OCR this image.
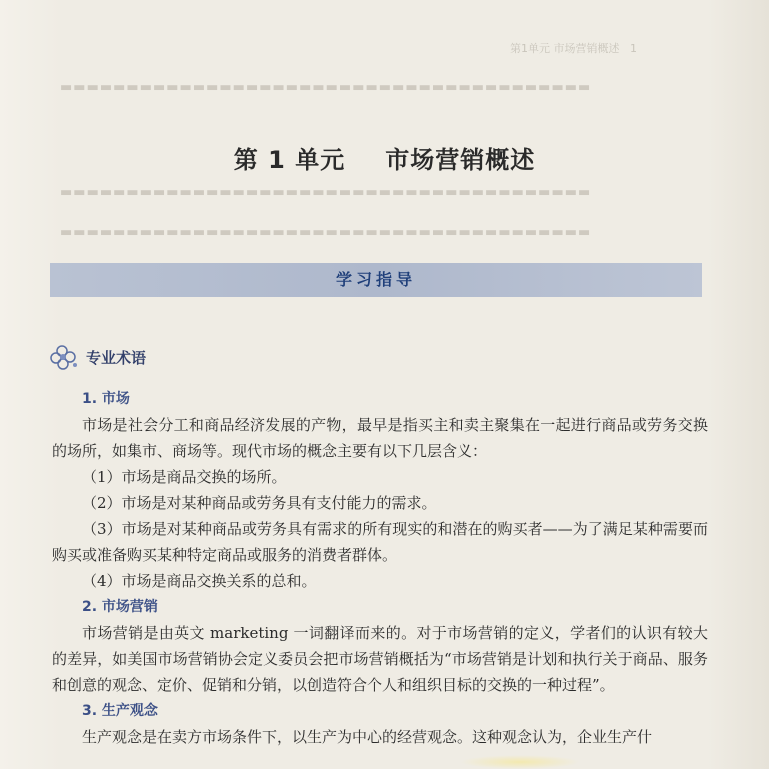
▬▬▬▬▬▬▬▬▬▬▬▬▬▬▬▬▬▬▬▬▬▬▬▬▬▬▬▬▬▬▬▬▬▬▬▬▬▬▬▬
▬▬▬▬▬▬▬▬▬▬▬▬▬▬▬▬▬▬▬▬▬▬▬▬▬▬▬▬▬▬▬▬▬▬▬▬▬▬▬▬
▬▬▬▬▬▬▬▬▬▬▬▬▬▬▬▬▬▬▬▬▬▬▬▬▬▬▬▬▬▬▬▬▬▬▬▬▬▬▬▬
第1单元 市场营销概述 1
第 1 单元 市场营销概述
学习指导
专业术语
1. 市场

市场是社会分工和商品经济发展的产物，最早是指买主和卖主聚集在一起进行商品或劳务交换的场所，如集市、商场等。现代市场的概念主要有以下几层含义：

（1）市场是商品交换的场所。

（2）市场是对某种商品或劳务具有支付能力的需求。

（3）市场是对某种商品或劳务具有需求的所有现实的和潜在的购买者——为了满足某种需要而购买或准备购买某种特定商品或服务的消费者群体。

（4）市场是商品交换关系的总和。

2. 市场营销

市场营销是由英文 marketing 一词翻译而来的。对于市场营销的定义，学者们的认识有较大的差异，如美国市场营销协会定义委员会把市场营销概括为“市场营销是计划和执行关于商品、服务和创意的观念、定价、促销和分销，以创造符合个人和组织目标的交换的一种过程”。

3. 生产观念

生产观念是在卖方市场条件下，以生产为中心的经营观念。这种观念认为，企业生产什
